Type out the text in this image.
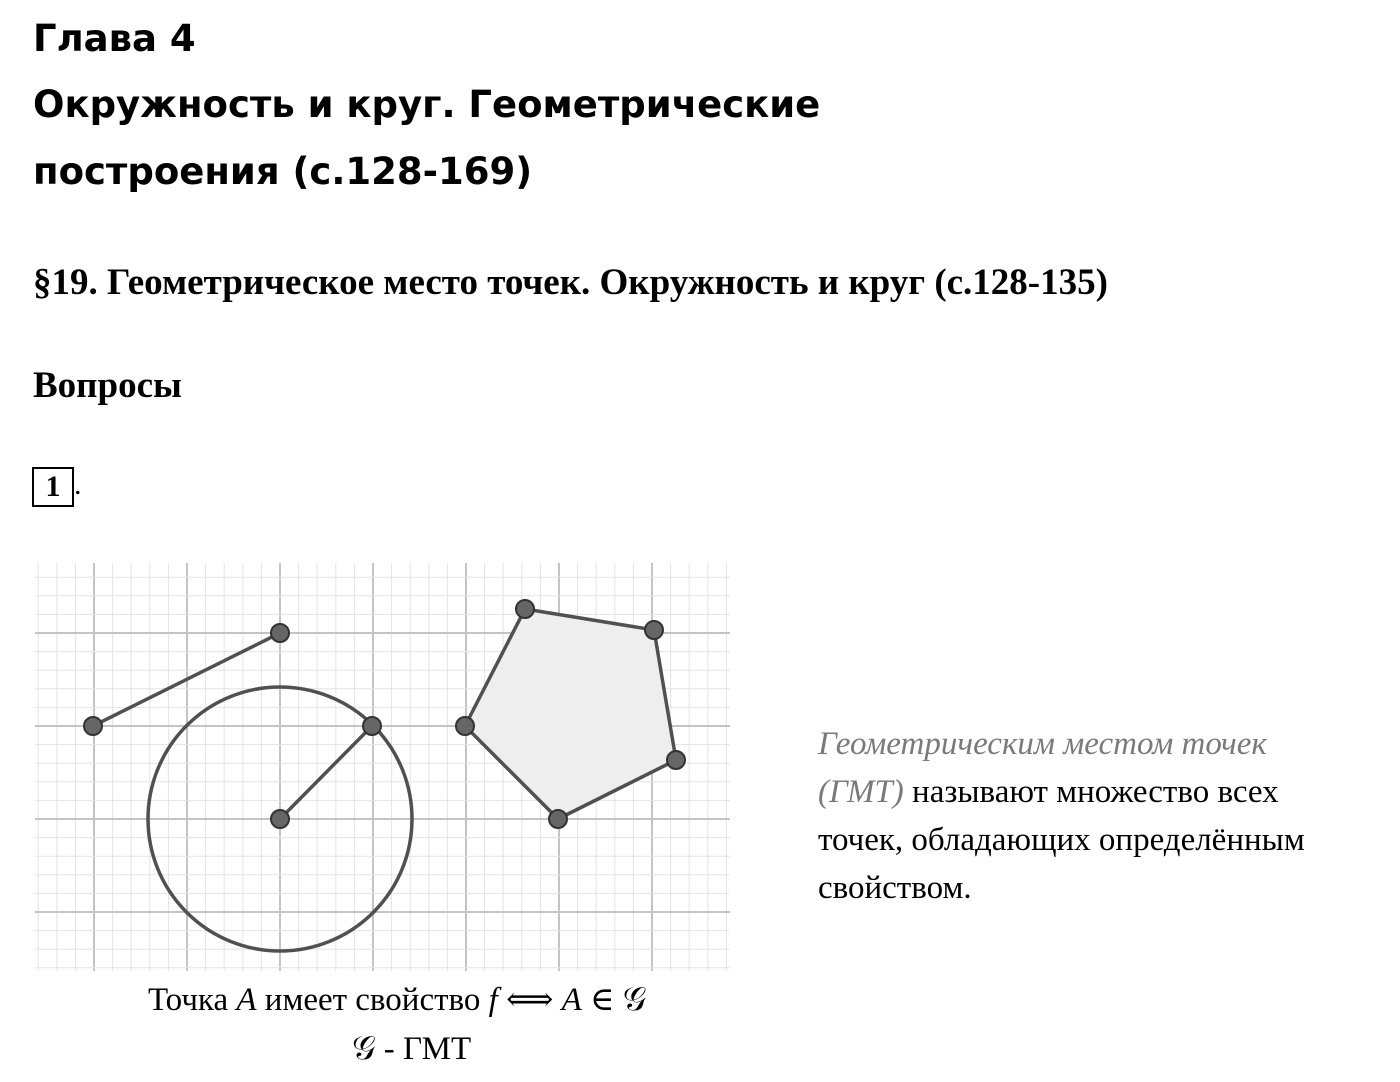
Глава 4
Окружность и круг. Геометрические
построения (с.128-169)
§19. Геометрическое место точек. Окружность и круг (с.128-135)
Вопросы
1 .
Точка A имеет свойство f ⟺ A ∈ 𝒢
𝒢 - ГМТ
Геометрическим местом точек (ГМТ) называют множество всех точек, обладающих определённым свойством.
